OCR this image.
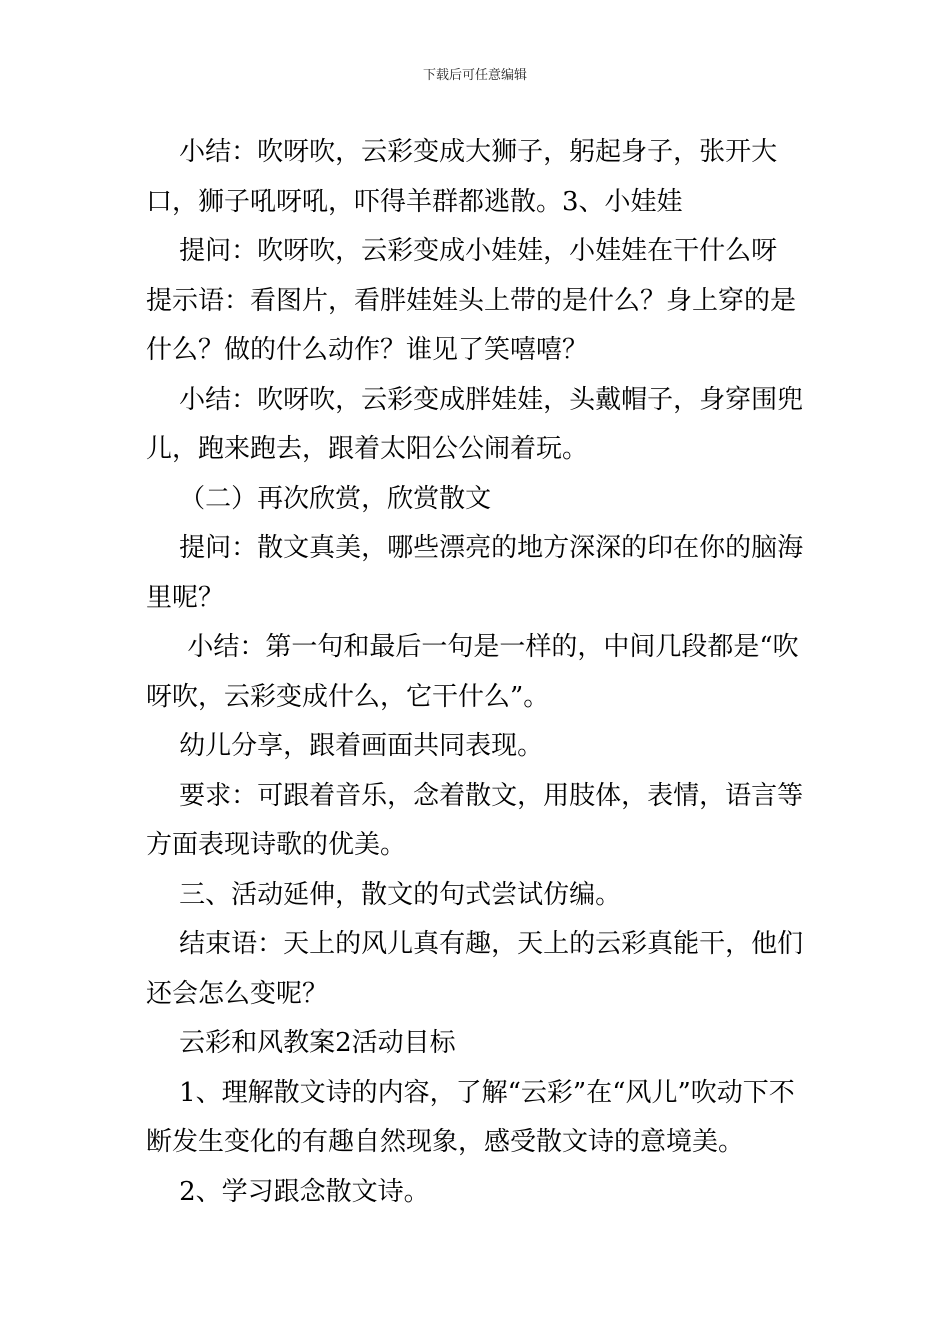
下载后可任意编辑

小结：吹呀吹，云彩变成大狮子，躬起身子，张开大口，狮子吼呀吼，吓得羊群都逃散。3、小娃娃

提问：吹呀吹，云彩变成小娃娃，小娃娃在干什么呀

提示语：看图片，看胖娃娃头上带的是什么？身上穿的是什么？做的什么动作？谁见了笑嘻嘻？

小结：吹呀吹，云彩变成胖娃娃，头戴帽子，身穿围兜儿，跑来跑去，跟着太阳公公闹着玩。

（二）再次欣赏，欣赏散文

提问：散文真美，哪些漂亮的地方深深的印在你的脑海里呢？

小结：第一句和最后一句是一样的，中间几段都是“吹呀吹，云彩变成什么，它干什么”。

幼儿分享，跟着画面共同表现。

要求：可跟着音乐，念着散文，用肢体，表情，语言等方面表现诗歌的优美。

三、活动延伸，散文的句式尝试仿编。

结束语：天上的风儿真有趣，天上的云彩真能干，他们还会怎么变呢？

云彩和风教案2活动目标

1、理解散文诗的内容，了解“云彩”在“风儿”吹动下不断发生变化的有趣自然现象，感受散文诗的意境美。

2、学习跟念散文诗。
